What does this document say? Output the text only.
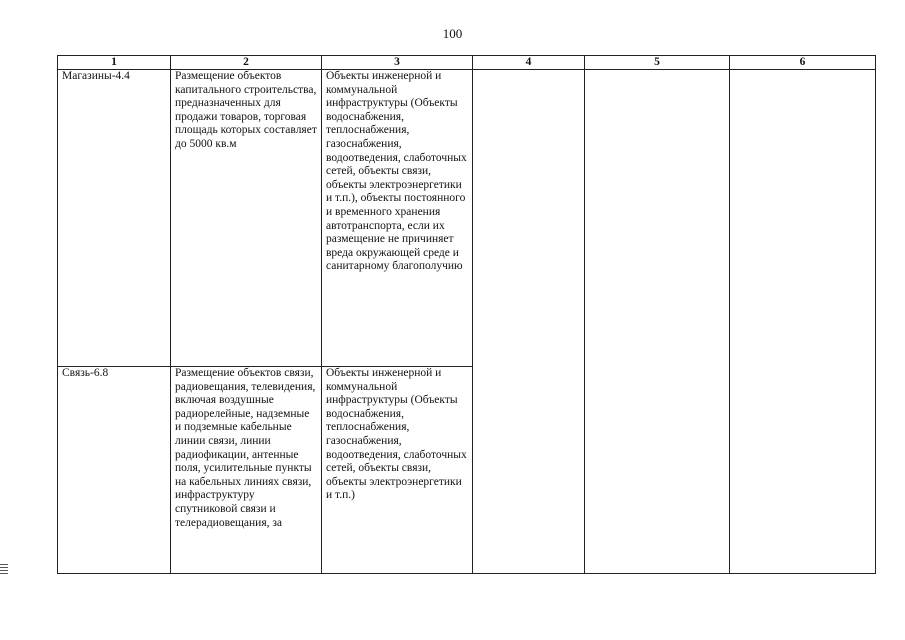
100
1	2	3	4	5	6

Магазины-4.4	Размещение объектов капитального строительства, предназначенных для продажи товаров, торговая площадь которых составляет до 5000 кв.м	Объекты инженерной и коммунальной инфраструктуры (Объекты водоснабжения, теплоснабжения, газоснабжения, водоотведения, слаботочных сетей, объекты связи, объекты электроэнергетики и т.п.), объекты постоянного и временного хранения автотранспорта, если их размещение не причиняет вреда окружающей среде и санитарному благополучию			

Связь-6.8	Размещение объектов связи, радиовещания, телевидения, включая воздушные радиорелейные, надземные и подземные кабельные линии связи, линии радиофикации, антенные поля, усилительные пункты на кабельных линиях связи, инфраструктуру спутниковой связи и телерадиовещания, за	Объекты инженерной и коммунальной инфраструктуры (Объекты водоснабжения, теплоснабжения, газоснабжения, водоотведения, слаботочных сетей, объекты связи, объекты электроэнергетики и т.п.)			
